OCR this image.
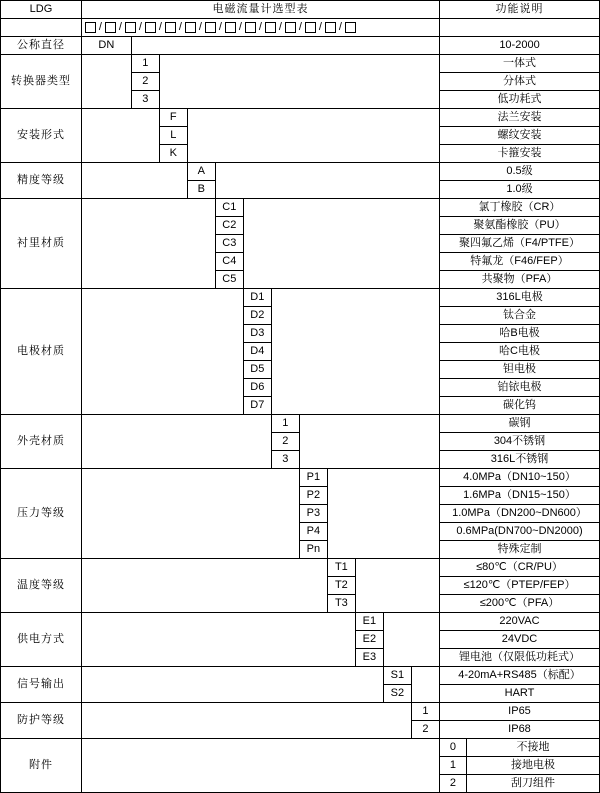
LDG	电磁流量计选型表												功能说明	

/ / / / / / / / / / / / /

公称直径	DN												10-2000	
转换器类型		1											一体式	
		2											分体式	
		3											低功耗式	
安装形式			F										法兰安装	
			L										螺纹安装	
			K										卡箍安装	
精度等级				A									0.5级	
				B									1.0级	
衬里材质					C1								氯丁橡胶（CR）	
					C2								聚氨酯橡胶（PU）	
					C3								聚四氟乙烯（F4/PTFE）	
					C4								特氟龙（F46/FEP）	
					C5								共聚物（PFA）	
电极材质						D1							316L电极	
						D2							钛合金	
						D3							哈B电极	
						D4							哈C电极	
						D5							钽电极	
						D6							铂铱电极	
						D7							碳化钨	
外壳材质							1						碳钢	
							2						304不锈钢	
							3						316L不锈钢	
压力等级								P1					4.0MPa（DN10~150）	
								P2					1.6MPa（DN15~150）	
								P3					1.0MPa（DN200~DN600）	
								P4					0.6MPa(DN700~DN2000)	
								Pn					特殊定制	
温度等级									T1				≤80℃（CR/PU）	
									T2				≤120℃（PTEP/FEP）	
									T3				≤200℃（PFA）	
供电方式										E1			220VAC	
										E2			24VDC	
										E3			锂电池（仅限低功耗式）	
信号输出											S1		4-20mA+RS485（标配）	
											S2		HART	
防护等级												1	IP65	
												2	IP68	
附件													0	不接地
													1	接地电极
													2	刮刀组件
